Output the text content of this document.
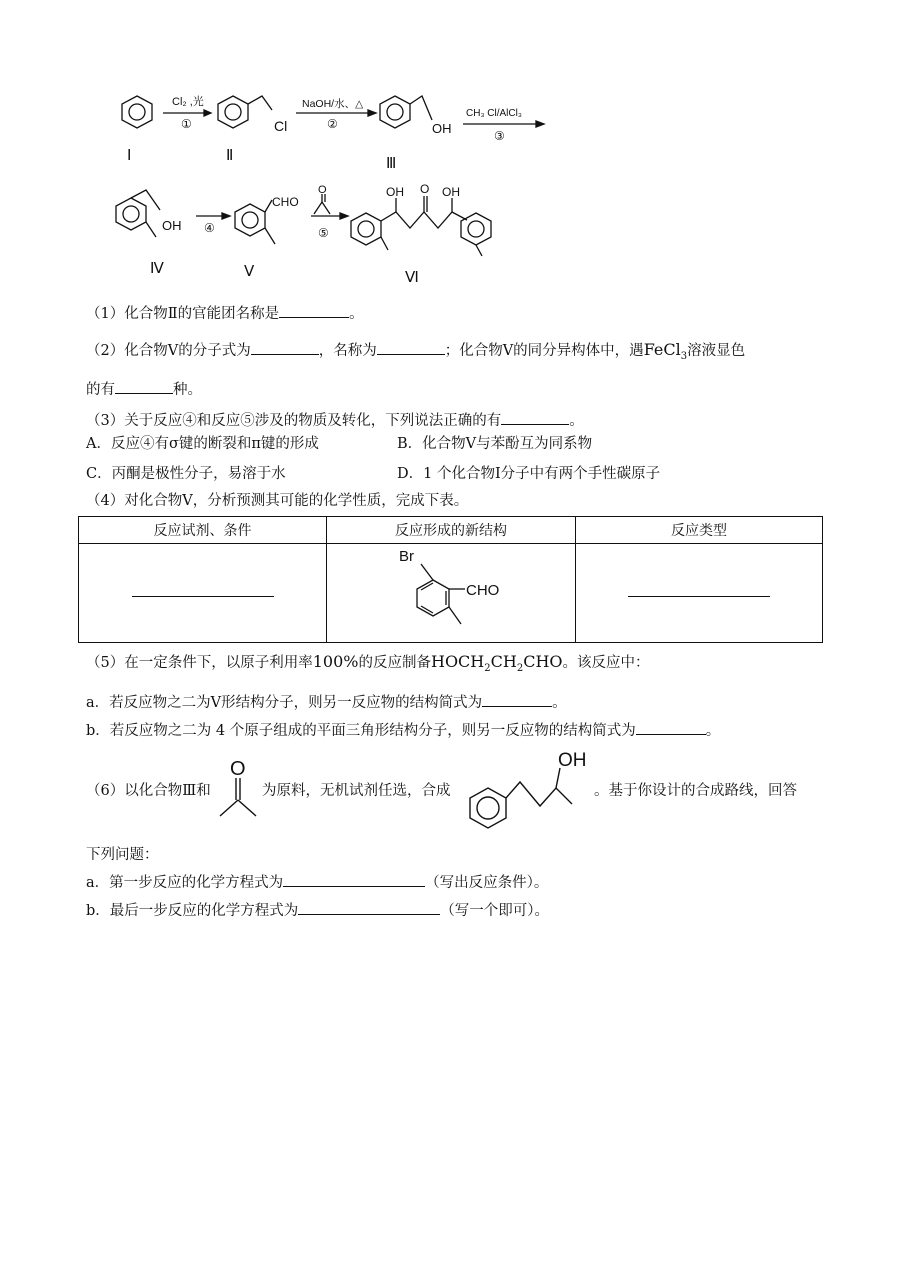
Cl₂ ,光
①
NaOH/水、△
②
CH₃ Cl/AlCl₃
③
④	⑤
Cl	OH
OH
CHO
O	OH O OH
Ⅰ	Ⅱ	Ⅲ
Ⅳ	Ⅴ	Ⅵ
（1）化合物Ⅱ的官能团名称是	。
（2）化合物Ⅴ的分子式为	，名称为	；化合物Ⅴ的同分异构体中，遇FeCl$_3$溶液显色
的有	种。
（3）关于反应④和反应⑤涉及的物质及转化，下列说法正确的有	。
A．反应④有σ键的断裂和π键的形成	B．化合物Ⅴ与苯酚互为同系物
C．丙酮是极性分子，易溶于水	D．1 个化合物Ⅰ分子中有两个手性碳原子
（4）对化合物Ⅴ，分析预测其可能的化学性质，完成下表。
反应试剂、条件	反应形成的新结构	反应类型

Br
CHO	

（5）在一定条件下，以原子利用率100%的反应制备$HOCH_2CH_2CHO$。该反应中：
a．若反应物之二为Ⅴ形结构分子，则另一反应物的结构简式为	。
b．若反应物之二为 4 个原子组成的平面三角形结构分子，则另一反应物的结构简式为	。
（6）以化合物Ⅲ和
O
为原料，无机试剂任选，合成
OH
。基于你设计的合成路线，回答
下列问题：
a．第一步反应的化学方程式为	（写出反应条件）。
b．最后一步反应的化学方程式为	（写一个即可）。
